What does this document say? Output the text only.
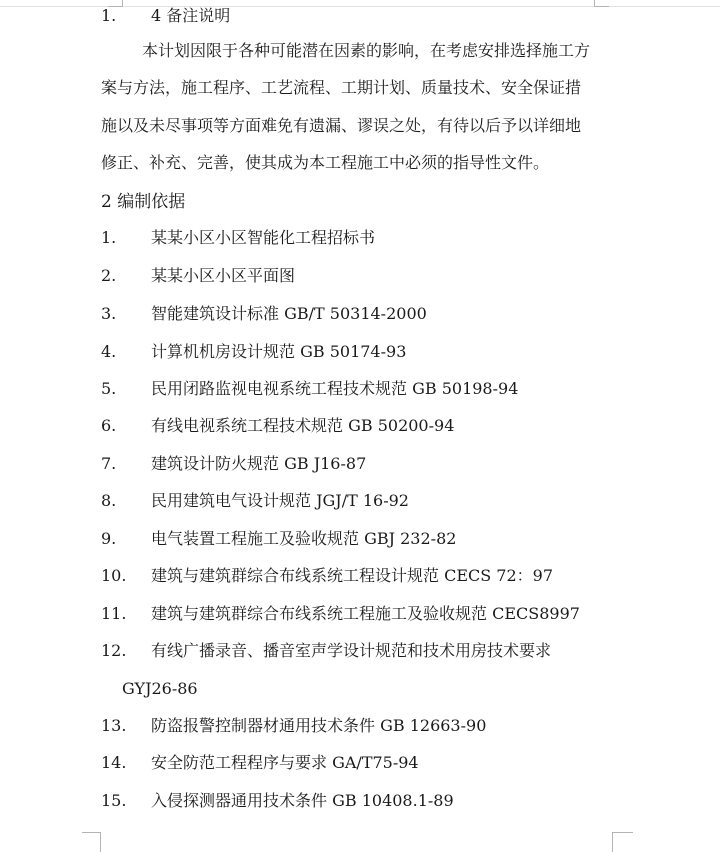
1. 4 备注说明
本计划因限于各种可能潜在因素的影响，在考虑安排选择施工方
案与方法，施工程序、工艺流程、工期计划、质量技术、安全保证措
施以及未尽事项等方面难免有遗漏、谬误之处，有待以后予以详细地
修正、补充、完善，使其成为本工程施工中必须的指导性文件。
2 编制依据
1. 某某小区小区智能化工程招标书
2. 某某小区小区平面图
3. 智能建筑设计标准 GB/T 50314-2000
4. 计算机机房设计规范 GB 50174-93
5. 民用闭路监视电视系统工程技术规范 GB 50198-94
6. 有线电视系统工程技术规范 GB 50200-94
7. 建筑设计防火规范 GB J16-87
8. 民用建筑电气设计规范 JGJ/T 16-92
9. 电气装置工程施工及验收规范 GBJ 232-82
10. 建筑与建筑群综合布线系统工程设计规范 CECS 72：97
11. 建筑与建筑群综合布线系统工程施工及验收规范 CECS8997
12. 有线广播录音、播音室声学设计规范和技术用房技术要求
GYJ26-86
13. 防盗报警控制器材通用技术条件 GB 12663-90
14. 安全防范工程程序与要求 GA/T75-94
15. 入侵探测器通用技术条件 GB 10408.1-89
